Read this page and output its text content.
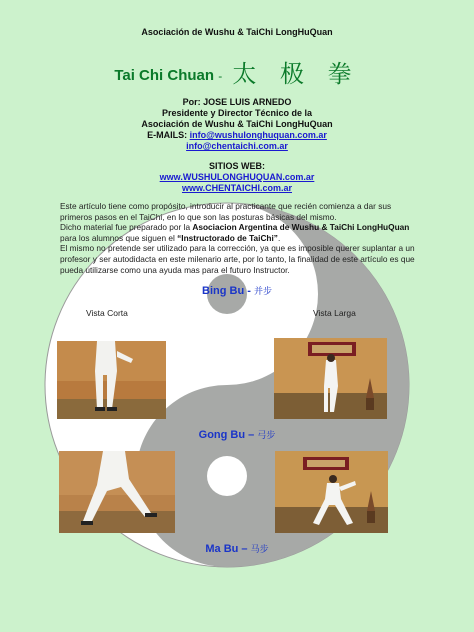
Asociación de Wushu & TaiChi LongHuQuan
Tai Chi Chuan - 太 极 拳
Por: JOSE LUIS ARNEDO
Presidente y Director Técnico de la
Asociación de Wushu & TaiChi LongHuQuan
E-MAILS: info@wushulonghuquan.com.ar
info@chentaichi.com.ar
SITIOS WEB:
www.WUSHULONGHUQUAN.com.ar
www.CHENTAICHI.com.ar
Este artículo tiene como propósito, introducir al practicante que recién comienza a dar sus primeros pasos en el TaiChi, en lo que son las posturas básicas del mismo.
Dicho material fue preparado por la Asociacion Argentina de Wushu & TaiChi LongHuQuan para los alumnos que siguen el “Instructorado de TaiChi”.
El mismo no pretende ser utilizado para la corrección, ya que es imposible querer suplantar a un profesor y ser autodidacta en este milenario arte, por lo tanto, la finalidad de este artículo es que pueda utilizarse como una ayuda mas para el futuro Instructor.
Bing Bu - 并步
Vista Corta	Vista Larga
Gong Bu – 弓步
Ma Bu – 马步
